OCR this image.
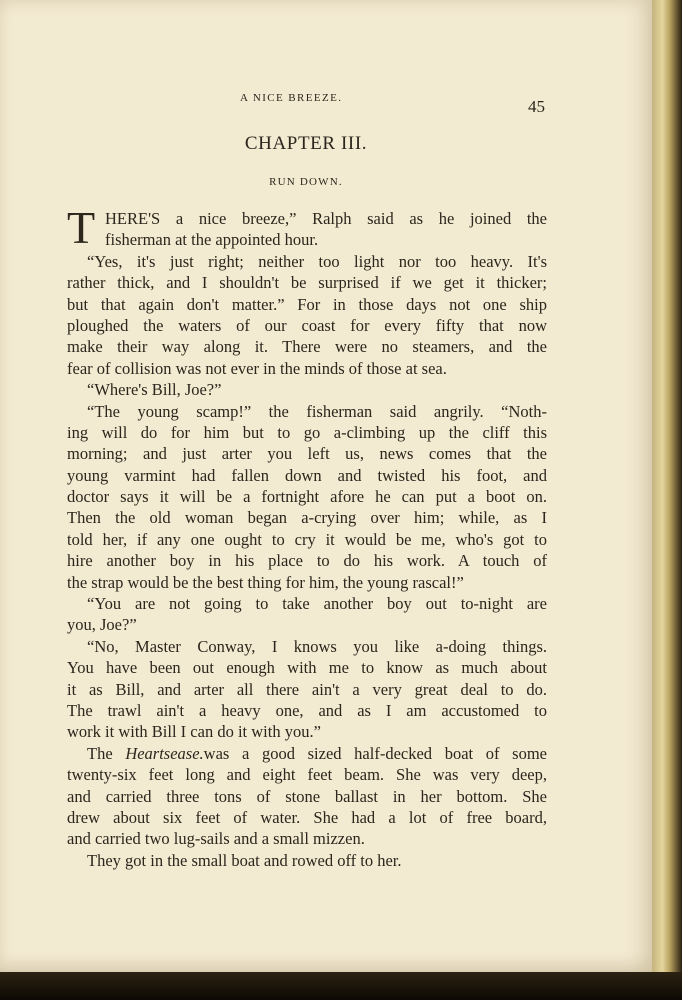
A NICE BREEZE.	45
CHAPTER III.
RUN DOWN.
T HERE'S a nice breeze,” Ralph said as he joined the
fisherman at the appointed hour.
“Yes, it's just right; neither too light nor too heavy. It's
rather thick, and I shouldn't be surprised if we get it thicker;
but that again don't matter.” For in those days not one ship
ploughed the waters of our coast for every fifty that now
make their way along it. There were no steamers, and the
fear of collision was not ever in the minds of those at sea.
“Where's Bill, Joe?”
“The young scamp!” the fisherman said angrily. “Noth-
ing will do for him but to go a-climbing up the cliff this
morning; and just arter you left us, news comes that the
young varmint had fallen down and twisted his foot, and
doctor says it will be a fortnight afore he can put a boot on.
Then the old woman began a-crying over him; while, as I
told her, if any one ought to cry it would be me, who's got to
hire another boy in his place to do his work. A touch of
the strap would be the best thing for him, the young rascal!”
“You are not going to take another boy out to-night are
you, Joe?”
“No, Master Conway, I knows you like a-doing things.
You have been out enough with me to know as much about
it as Bill, and arter all there ain't a very great deal to do.
The trawl ain't a heavy one, and as I am accustomed to
work it with Bill I can do it with you.”
The Heartsease.was a good sized half-decked boat of some
twenty-six feet long and eight feet beam. She was very deep,
and carried three tons of stone ballast in her bottom. She
drew about six feet of water. She had a lot of free board,
and carried two lug-sails and a small mizzen.
They got in the small boat and rowed off to her.
